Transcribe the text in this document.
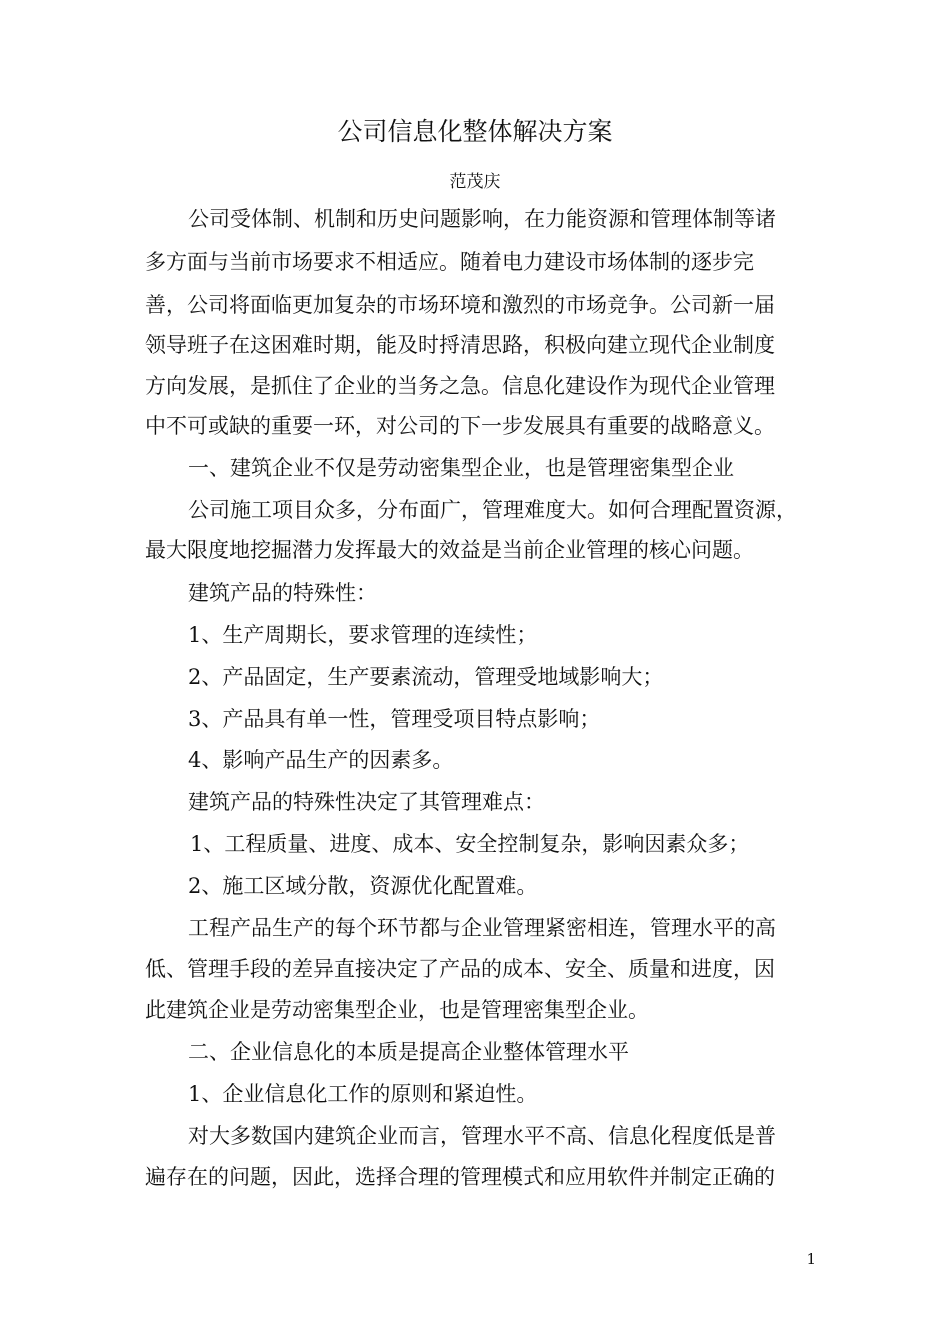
公司信息化整体解决方案
范茂庆
公司受体制、机制和历史问题影响，在力能资源和管理体制等诸
多方面与当前市场要求不相适应。随着电力建设市场体制的逐步完
善，公司将面临更加复杂的市场环境和激烈的市场竞争。公司新一届
领导班子在这困难时期，能及时捋清思路，积极向建立现代企业制度
方向发展，是抓住了企业的当务之急。信息化建设作为现代企业管理
中不可或缺的重要一环，对公司的下一步发展具有重要的战略意义。
一、建筑企业不仅是劳动密集型企业，也是管理密集型企业
公司施工项目众多，分布面广，管理难度大。如何合理配置资源，
最大限度地挖掘潜力发挥最大的效益是当前企业管理的核心问题。
建筑产品的特殊性：
1、生产周期长，要求管理的连续性；
2、产品固定，生产要素流动，管理受地域影响大；
3、产品具有单一性，管理受项目特点影响；
4、影响产品生产的因素多。
建筑产品的特殊性决定了其管理难点：
1、工程质量、进度、成本、安全控制复杂，影响因素众多；
2、施工区域分散，资源优化配置难。
工程产品生产的每个环节都与企业管理紧密相连，管理水平的高
低、管理手段的差异直接决定了产品的成本、安全、质量和进度，因
此建筑企业是劳动密集型企业，也是管理密集型企业。
二、企业信息化的本质是提高企业整体管理水平
1、企业信息化工作的原则和紧迫性。
对大多数国内建筑企业而言，管理水平不高、信息化程度低是普
遍存在的问题，因此，选择合理的管理模式和应用软件并制定正确的
1
